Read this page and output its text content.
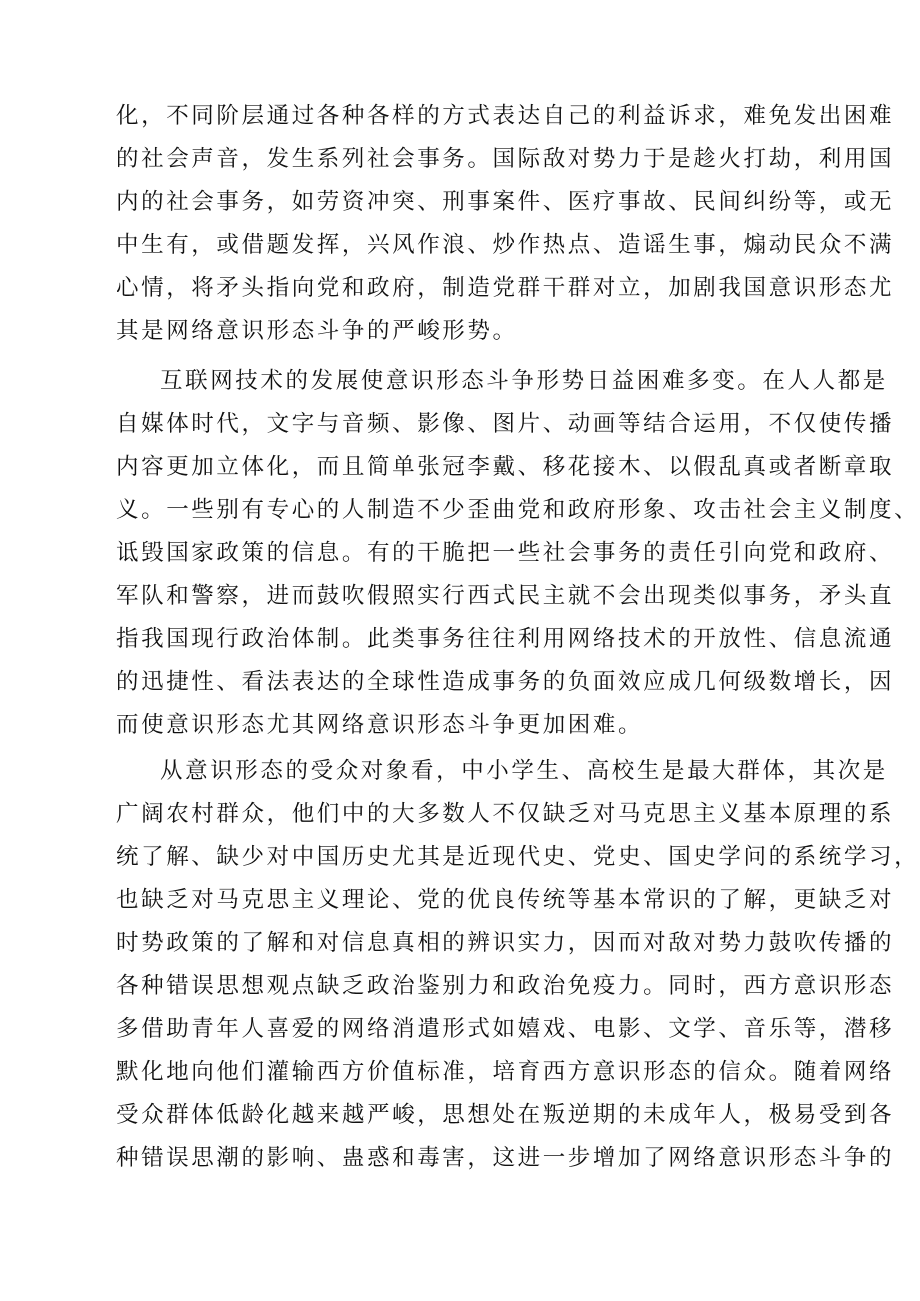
化，不同阶层通过各种各样的方式表达自己的利益诉求，难免发出困难
的社会声音，发生系列社会事务。国际敌对势力于是趁火打劫，利用国
内的社会事务，如劳资冲突、刑事案件、医疗事故、民间纠纷等，或无
中生有，或借题发挥，兴风作浪、炒作热点、造谣生事，煽动民众不满
心情，将矛头指向党和政府，制造党群干群对立，加剧我国意识形态尤
其是网络意识形态斗争的严峻形势。
互联网技术的发展使意识形态斗争形势日益困难多变。在人人都是
自媒体时代，文字与音频、影像、图片、动画等结合运用，不仅使传播
内容更加立体化，而且简单张冠李戴、移花接木、以假乱真或者断章取
义。一些别有专心的人制造不少歪曲党和政府形象、攻击社会主义制度、
诋毁国家政策的信息。有的干脆把一些社会事务的责任引向党和政府、
军队和警察，进而鼓吹假照实行西式民主就不会出现类似事务，矛头直
指我国现行政治体制。此类事务往往利用网络技术的开放性、信息流通
的迅捷性、看法表达的全球性造成事务的负面效应成几何级数增长，因
而使意识形态尤其网络意识形态斗争更加困难。
从意识形态的受众对象看，中小学生、高校生是最大群体，其次是
广阔农村群众，他们中的大多数人不仅缺乏对马克思主义基本原理的系
统了解、缺少对中国历史尤其是近现代史、党史、国史学问的系统学习，
也缺乏对马克思主义理论、党的优良传统等基本常识的了解，更缺乏对
时势政策的了解和对信息真相的辨识实力，因而对敌对势力鼓吹传播的
各种错误思想观点缺乏政治鉴别力和政治免疫力。同时，西方意识形态
多借助青年人喜爱的网络消遣形式如嬉戏、电影、文学、音乐等，潜移
默化地向他们灌输西方价值标准，培育西方意识形态的信众。随着网络
受众群体低龄化越来越严峻，思想处在叛逆期的未成年人，极易受到各
种错误思潮的影响、蛊惑和毒害，这进一步增加了网络意识形态斗争的
